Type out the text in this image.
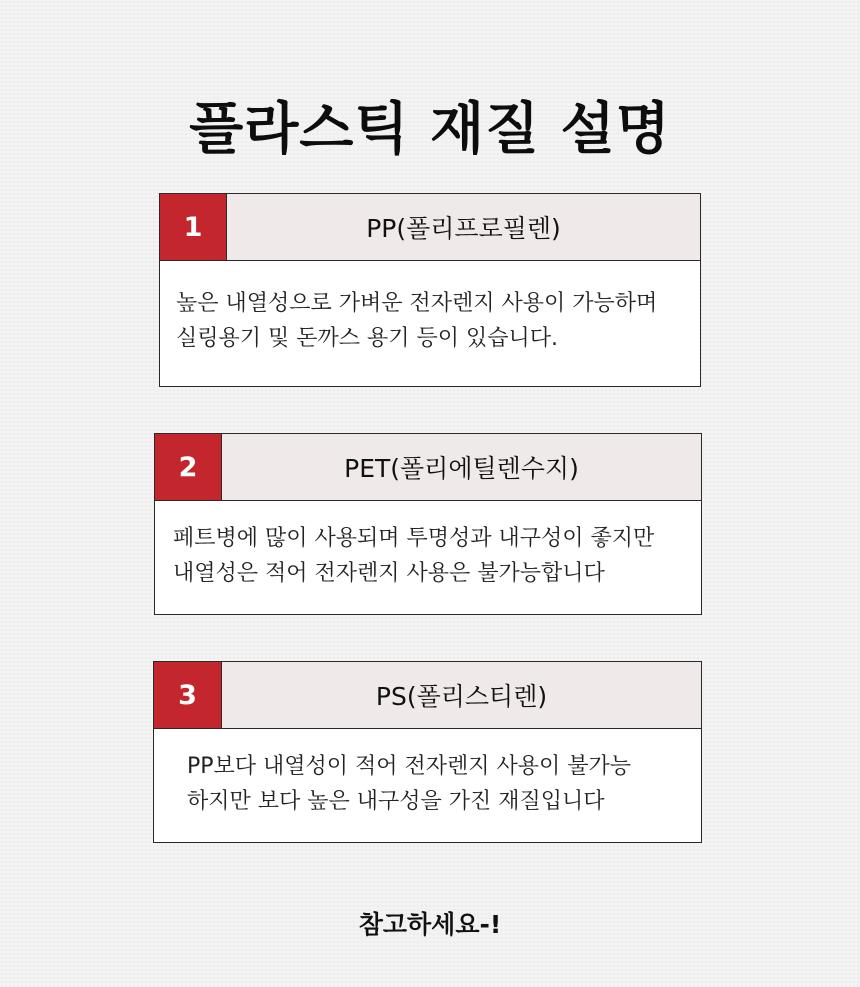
플라스틱 재질 설명
1	PP(폴리프로필렌)
높은 내열성으로 가벼운 전자렌지 사용이 가능하며
실링용기 및 돈까스 용기 등이 있습니다.
2	PET(폴리에틸렌수지)
페트병에 많이 사용되며 투명성과 내구성이 좋지만
내열성은 적어 전자렌지 사용은 불가능합니다
3	PS(폴리스티렌)
PP보다 내열성이 적어 전자렌지 사용이 불가능
하지만 보다 높은 내구성을 가진 재질입니다
참고하세요-!
